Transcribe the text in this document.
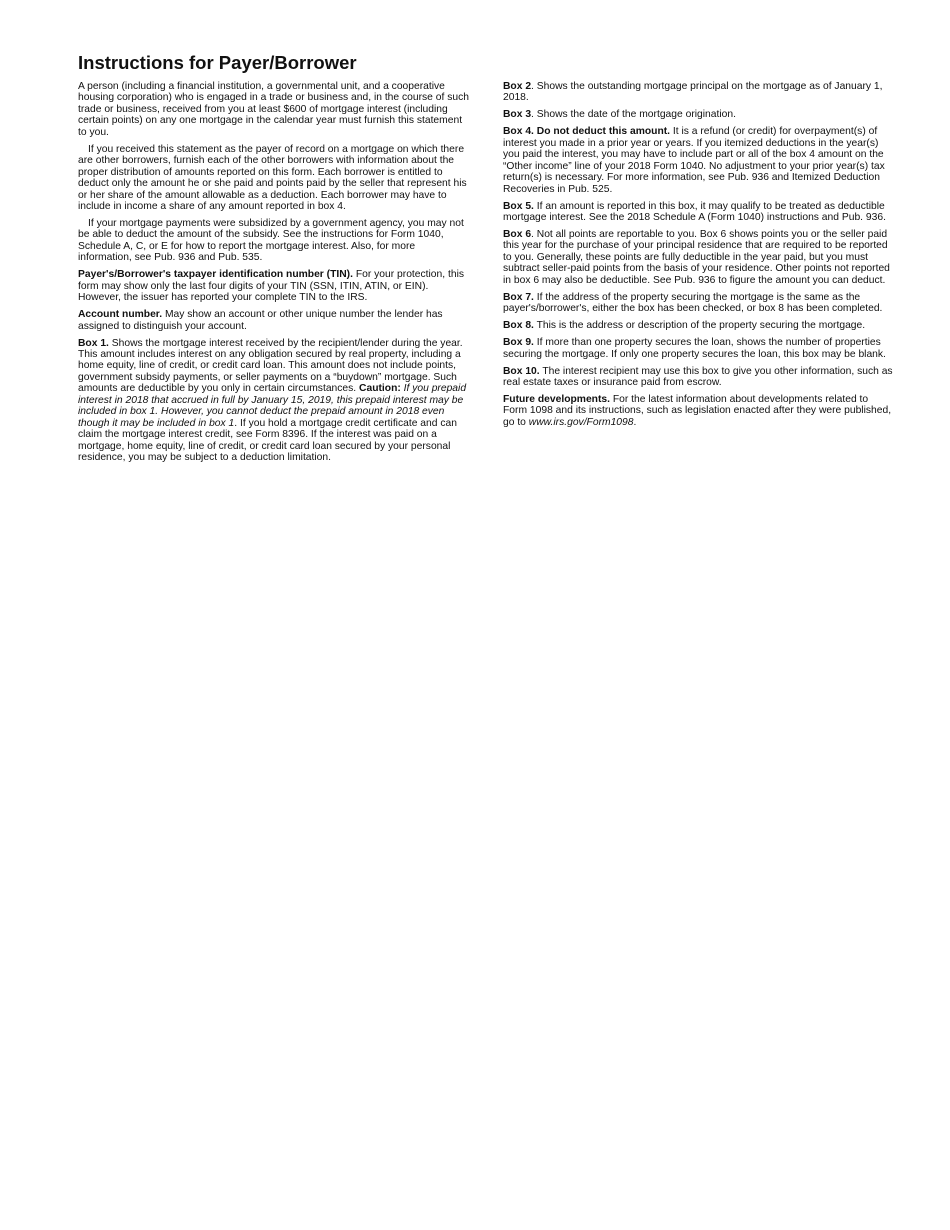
Instructions for Payer/Borrower

A person (including a financial institution, a governmental unit, and a cooperative housing corporation) who is engaged in a trade or business and, in the course of such trade or business, received from you at least $600 of mortgage interest (including certain points) on any one mortgage in the calendar year must furnish this statement to you.

If you received this statement as the payer of record on a mortgage on which there are other borrowers, furnish each of the other borrowers with information about the proper distribution of amounts reported on this form. Each borrower is entitled to deduct only the amount he or she paid and points paid by the seller that represent his or her share of the amount allowable as a deduction. Each borrower may have to include in income a share of any amount reported in box 4.

If your mortgage payments were subsidized by a government agency, you may not be able to deduct the amount of the subsidy. See the instructions for Form 1040, Schedule A, C, or E for how to report the mortgage interest. Also, for more information, see Pub. 936 and Pub. 535.

Payer's/Borrower's taxpayer identification number (TIN). For your protection, this form may show only the last four digits of your TIN (SSN, ITIN, ATIN, or EIN). However, the issuer has reported your complete TIN to the IRS.

Account number. May show an account or other unique number the lender has assigned to distinguish your account.

Box 1. Shows the mortgage interest received by the recipient/lender during the year. This amount includes interest on any obligation secured by real property, including a home equity, line of credit, or credit card loan. This amount does not include points, government subsidy payments, or seller payments on a “buydown” mortgage. Such amounts are deductible by you only in certain circumstances. Caution: If you prepaid interest in 2018 that accrued in full by January 15, 2019, this prepaid interest may be included in box 1. However, you cannot deduct the prepaid amount in 2018 even though it may be included in box 1. If you hold a mortgage credit certificate and can claim the mortgage interest credit, see Form 8396. If the interest was paid on a mortgage, home equity, line of credit, or credit card loan secured by your personal residence, you may be subject to a deduction limitation.

Box 2. Shows the outstanding mortgage principal on the mortgage as of January 1, 2018.

Box 3. Shows the date of the mortgage origination.

Box 4. Do not deduct this amount. It is a refund (or credit) for overpayment(s) of interest you made in a prior year or years. If you itemized deductions in the year(s) you paid the interest, you may have to include part or all of the box 4 amount on the “Other income” line of your 2018 Form 1040. No adjustment to your prior year(s) tax return(s) is necessary. For more information, see Pub. 936 and Itemized Deduction Recoveries in Pub. 525.

Box 5. If an amount is reported in this box, it may qualify to be treated as deductible mortgage interest. See the 2018 Schedule A (Form 1040) instructions and Pub. 936.

Box 6. Not all points are reportable to you. Box 6 shows points you or the seller paid this year for the purchase of your principal residence that are required to be reported to you. Generally, these points are fully deductible in the year paid, but you must subtract seller-paid points from the basis of your residence. Other points not reported in box 6 may also be deductible. See Pub. 936 to figure the amount you can deduct.

Box 7. If the address of the property securing the mortgage is the same as the payer's/borrower's, either the box has been checked, or box 8 has been completed.

Box 8. This is the address or description of the property securing the mortgage.

Box 9. If more than one property secures the loan, shows the number of properties securing the mortgage. If only one property secures the loan, this box may be blank.

Box 10. The interest recipient may use this box to give you other information, such as real estate taxes or insurance paid from escrow.

Future developments. For the latest information about developments related to Form 1098 and its instructions, such as legislation enacted after they were published, go to www.irs.gov/Form1098.
